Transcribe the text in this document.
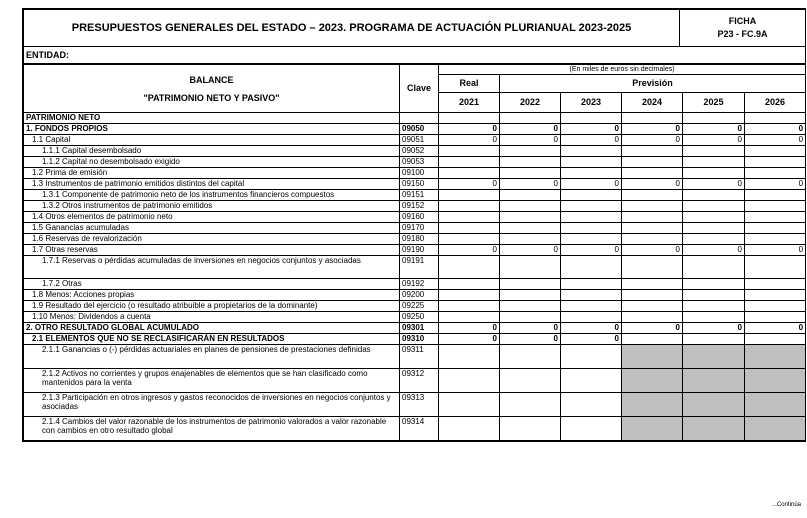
PRESUPUESTOS GENERALES DEL ESTADO – 2023. PROGRAMA DE ACTUACIÓN PLURIANUAL 2023-2025	
FICHA
P23 - FC.9A

ENTIDAD:
BALANCE
"PATRIMONIO NETO Y PASIVO"	Clave	(En miles de euros sin decimales)					
		Real	Previsión				
		2021	2022	2023	2024	2025	2026
PATRIMONIO NETO							
1. FONDOS PROPIOS	09050	0	0	0	0	0	0
1.1 Capital	09051	0	0	0	0	0	0
1.1.1 Capital desembolsado	09052						
1.1.2 Capital no desembolsado exigido	09053						
1.2 Prima de emisión	09100						
1.3 Instrumentos de patrimonio emitidos distintos del capital	09150	0	0	0	0	0	0
1.3.1 Componente de patrimonio neto de los instrumentos financieros compuestos	09151						
1.3.2 Otros instrumentos de patrimonio emitidos	09152						
1.4 Otros elementos de patrimonio neto	09160						
1.5 Ganancias acumuladas	09170						
1.6 Reservas de revalorización	09180						
1.7 Otras reservas	09190	0	0	0	0	0	0
1.7.1 Reservas o pérdidas acumuladas de inversiones en negocios conjuntos y asociadas	09191						
1.7.2 Otras	09192						
1.8 Menos: Acciones propias	09200						
1.9 Resultado del ejercicio (o resultado atribuible a propietarios de la dominante)	09225						
1.10 Menos: Dividendos a cuenta	09250						
2. OTRO RESULTADO GLOBAL ACUMULADO	09301	0	0	0	0	0	0
2.1 ELEMENTOS QUE NO SE RECLASIFICARÁN EN RESULTADOS	09310	0	0	0			
2.1.1 Ganancias o (-) pérdidas actuariales en planes de pensiones de prestaciones definidas	09311						
2.1.2 Activos no corrientes y grupos enajenables de elementos que se han clasificado como mantenidos para la venta	09312						
2.1.3 Participación en otros ingresos y gastos reconocidos de inversiones en negocios conjuntos y asociadas	09313						
2.1.4 Cambios del valor razonable de los instrumentos de patrimonio valorados a valor razonable con cambios en otro resultado global	09314						
...Continúa
